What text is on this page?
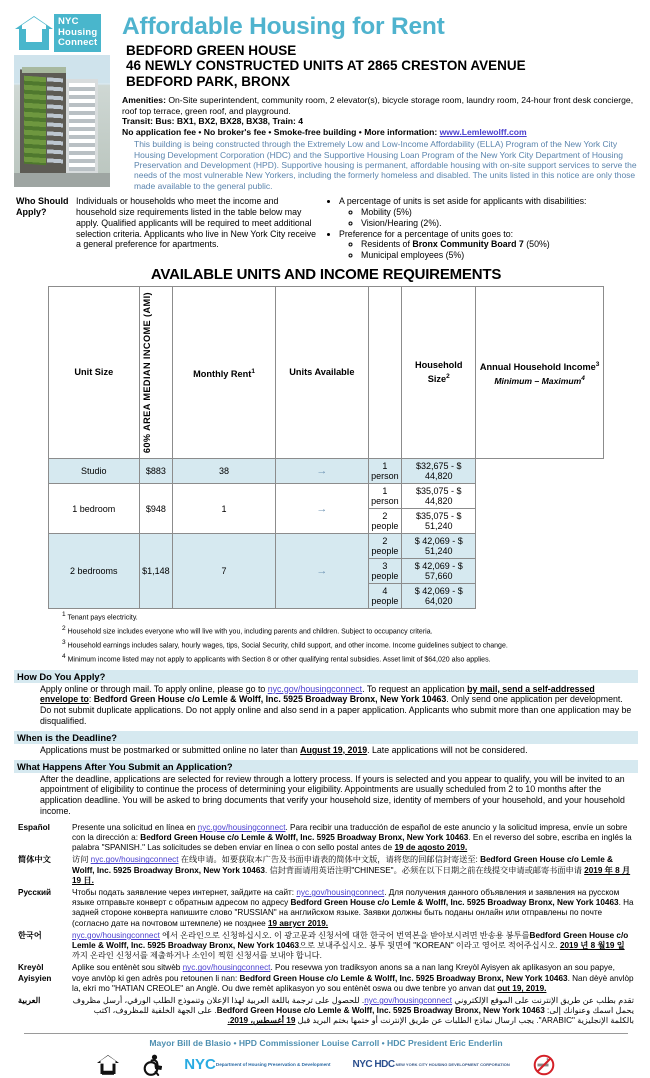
NYC
Housing
Connect
Affordable Housing for Rent
BEDFORD GREEN HOUSE
46 NEWLY CONSTRUCTED UNITS AT 2865 CRESTON AVENUE
BEDFORD PARK, BRONX
Amenities: On-Site superintendent, community room, 2 elevator(s), bicycle storage room, laundry room, 24-hour front desk concierge, roof top terrace, green roof, and playground.
Transit: Bus: BX1, BX2, BX28, BX38, Train: 4
No application fee • No broker's fee • Smoke-free building • More information: www.Lemlewolff.com
This building is being constructed through the Extremely Low and Low-Income Affordability (ELLA) Program of the New York City Housing Development Corporation (HDC) and the Supportive Housing Loan Program of the New York City Department of Housing Preservation and Development (HPD). Supportive housing is permanent, affordable housing with on-site support services to serve the needs of the most vulnerable New Yorkers, including the formerly homeless and disabled. The units listed in this notice are only those made available to the general public.
Who Should Apply?
Individuals or households who meet the income and household size requirements listed in the table below may apply. Qualified applicants will be required to meet additional selection criteria. Applicants who live in New York City receive a general preference for apartments.
• A percentage of units is set aside for applicants with disabilities:
◦ Mobility (5%)
◦ Vision/Hearing (2%).
• Preference for a percentage of units goes to:
◦ Residents of Bronx Community Board 7 (50%)
◦ Municipal employees (5%)
AVAILABLE UNITS AND INCOME REQUIREMENTS
Unit Size	60% AREA MEDIAN INCOME (AMI)	Monthly Rent$^1$	Units Available		Household Size$^2$	Annual Household Income$^3$
Minimum – Maximum$^4$

Studio	$883	38	→	1 person	$32,675 - $ 44,820	
1 bedroom	$948	1	→	1 person	$35,075 - $ 44,820	
				2 people	$35,075 - $ 51,240	
2 bedrooms	$1,148	7	→	2 people	$ 42,069 - $ 51,240	
				3 people	$ 42,069 - $ 57,660	
				4 people	$ 42,069 - $ 64,020	
$^1$ Tenant pays electricity.
$^2$ Household size includes everyone who will live with you, including parents and children. Subject to occupancy criteria.
$^3$ Household earnings includes salary, hourly wages, tips, Social Security, child support, and other income. Income guidelines subject to change.
$^4$ Minimum income listed may not apply to applicants with Section 8 or other qualifying rental subsidies. Asset limit of $64,020 also applies.
How Do You Apply?
Apply online or through mail. To apply online, please go to nyc.gov/housingconnect. To request an application by mail, send a self-addressed envelope to: Bedford Green House c/o Lemle & Wolff, Inc. 5925 Broadway Bronx, New York 10463. Only send one application per development. Do not submit duplicate applications. Do not apply online and also send in a paper application. Applicants who submit more than one application may be disqualified.
When is the Deadline?
Applications must be postmarked or submitted online no later than August 19, 2019. Late applications will not be considered.
What Happens After You Submit an Application?
After the deadline, applications are selected for review through a lottery process. If yours is selected and you appear to qualify, you will be invited to an appointment of eligibility to continue the process of determining your eligibility. Appointments are usually scheduled from 2 to 10 months after the application deadline. You will be asked to bring documents that verify your household size, identity of members of your household, and your household income.
Español	Presente una solicitud en línea en nyc.gov/housingconnect. Para recibir una traducción de español de este anuncio y la solicitud impresa, envíe un sobre con la dirección a: Bedford Green House c/o Lemle & Wolff, Inc. 5925 Broadway Bronx, New York 10463. En el reverso del sobre, escriba en inglés la palabra "SPANISH." Las solicitudes se deben enviar en línea o con sello postal antes de 19 de agosto 2019.
简体中文	访问 nyc.gov/housingconnect 在线申请。如要获取本广告及书面申请表的简体中文版，请将您的回邮信封寄送至: Bedford Green House c/o Lemle & Wolff, Inc. 5925 Broadway Bronx, New York 10463. 信封背面请用英语注明"CHINESE"。必须在以下日期之前在线提交申请或邮寄书面申请 2019 年 8 月19 日.
Русский	Чтобы подать заявление через интернет, зайдите на сайт: nyc.gov/housingconnect. Для получения данного объявления и заявления на русском языке отправьте конверт с обратным адресом по адресу Bedford Green House c/o Lemle & Wolff, Inc. 5925 Broadway Bronx, New York 10463. На задней стороне конверта напишите слово "RUSSIAN" на английском языке. Заявки должны быть поданы онлайн или отправлены по почте (согласно дате на почтовом штемпеле) не позднее 19 август 2019.
한국어	nyc.gov/housingconnect 에서 온라인으로 신청하십시오. 이 광고문과 신청서에 대한 한국어 번역본을 받아보시려면 반송용 봉투를Bedford Green House c/o Lemle & Wolff, Inc. 5925 Broadway Bronx, New York 10463으로 보내주십시오. 봉투 뒷면에 "KOREAN" 이라고 영어로 적어주십시오. 2019 년 8 월19 일 까지 온라인 신청서를 제출하거나 소인이 찍힌 신청서를 보내야 합니다.
Kreyòl Ayisyien
Aplike sou entènèt sou sitwèb nyc.gov/housingconnect. Pou resevwa yon tradiksyon anons sa a nan lang Kreyòl Ayisyen ak aplikasyon an sou papye, voye anvlòp ki gen adrès pou retounen li nan: Bedford Green House c/o Lemle & Wolff, Inc. 5925 Broadway Bronx, New York 10463. Nan dèyè anvlòp la, ekri mo "HATIAN CREOLE" an Anglè. Ou dwe remèt aplikasyon yo sou entènèt oswa ou dwe tenbre yo anvan dat out 19, 2019.
العربية	تقدم بطلب عن طريق الإنترنت على الموقع الإلكتروني nyc.gov/housingconnect. للحصول على ترجمة باللغة العربية لهذا الإعلان وتنموذج الطلب الورقي، أرسل مظروف يحمل اسمك وعنوانك إلى: Bedford Green House c/o Lemle & Wolff, Inc. 5925 Broadway Bronx, New York 10463. على الجهة الخلفية للمظروف، اكتب بالكلمة الإنجليزية "ARABIC". يجب ارسال نماذج الطلبات عن طريق الإنترنت أو ختمها بختم البريد قبل 19 أغسطس، 2019.
Mayor Bill de Blasio • HPD Commissioner Louise Carroll • HDC President Eric Enderlin
NYC Department of Housing Preservation & Development NYC HDC NEW YORK CITY HOUSING DEVELOPMENT CORPORATION
